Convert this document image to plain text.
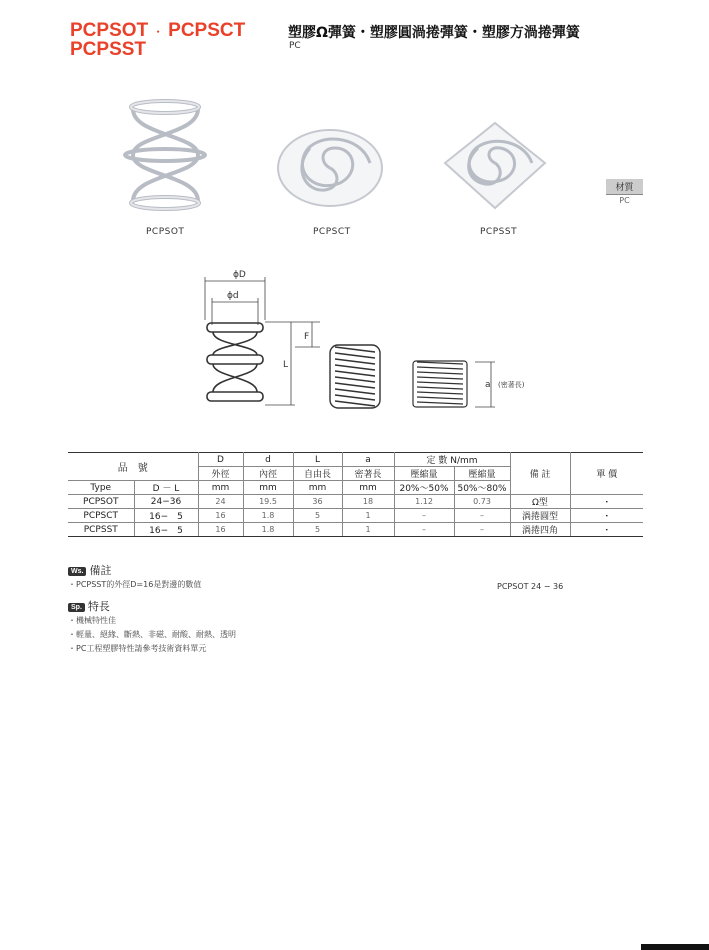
PCPSOT ・ PCPSCT
PCPSST
塑膠Ω彈簧・塑膠圓渦捲彈簧・塑膠方渦捲彈簧
PC
PCPSOT	PCPSCT	PCPSST
材質
PC
ϕD
ϕd
L
F
a (密著長)
品　號		D	d	L	a	定 數 N/mm		備 註	單 價
		外徑	內徑	自由長	密著長	壓縮量	壓縮量		
Type	D － L	mm	mm	mm	mm	20%～50%	50%～80%		
PCPSOT	24−36	24	19.5	36	18	1.12	0.73	Ω型	・
PCPSCT	16−　5	16	1.8	5	1	–	–	渦捲圓型	・
PCPSST	16−　5	16	1.8	5	1	–	–	渦捲四角	・
Ws. 備註
・PCPSST的外徑D=16是對邊的數值	PCPSOT 24 − 36
Sp. 特長
・機械特性佳
・輕量、絕緣、斷熱、非磁、耐酸、耐熱、透明
・PC工程塑膠特性請參考技術資料單元
